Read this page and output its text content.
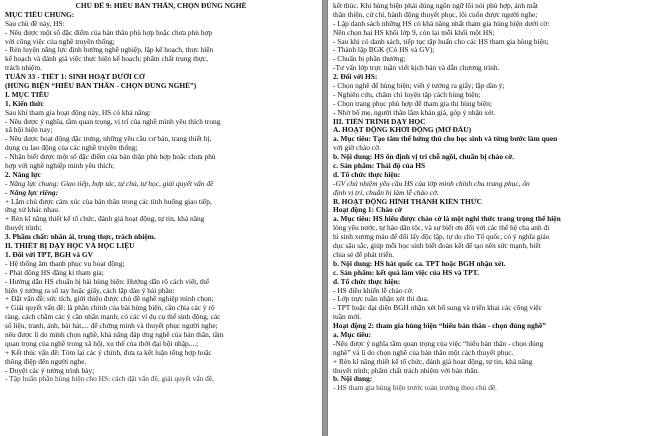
CHỦ ĐỀ 9: HIỂU BẢN THÂN, CHỌN ĐÚNG NGHỀ
MỤC TIÊU CHUNG:
Sau chủ đề này, HS:
- Nêu được một số đặc điểm của bản thân phù hợp hoặc chưa phù hợp
với công việc của nghề truyền thống;
- Rèn luyện năng lực định hướng nghề nghiệp, lập kế hoạch, thực hiện
kế hoạch và đánh giá việc thực hiện kế hoạch; phẩm chất trung thực,
trách nhiệm.
TUẦN 33 - TIẾT 1: SINH HOẠT DƯỚI CỜ
(HÙNG BIỆN “HIỂU BẢN THÂN - CHỌN ĐÚNG NGHỀ”)
I. MỤC TIÊU
1. Kiến thức
Sau khi tham gia hoạt động này, HS có khả năng:
- Nêu được ý nghĩa, tầm quan trọng, vị trí của nghề mình yêu thích trong
xã hội hiện nay;
- Nêu được hoạt động đặc trưng, những yêu cầu cơ bản, trang thiết bị,
dụng cụ lao động của các nghề truyền thống;
- Nhận biết được một số đặc điểm của bản thân phù hợp hoặc chưa phù
hợp với nghề nghiệp mình yêu thích;
2. Năng lực
- Năng lực chung: Giao tiếp, hợp tác, tự chủ, tự học, giải quyết vấn đề
- Năng lực riêng:
+ Lắm chủ được cảm xúc của bản thân trong các tình huống giao tiếp,
ứng xử khác nhau.
+ Rèn kĩ năng thiết kế tổ chức, đánh giá hoạt động, tự tin, khả năng
thuyết trình;
3. Phẩm chất: nhân ái, trung thực, trách nhiệm.
II. THIẾT BỊ DẠY HỌC VÀ HỌC LIỆU
1. Đối với TPT, BGH và GV
- Hệ thống âm thanh phục vụ hoạt động;
- Phát động HS đăng kí tham gia;
- Hướng dẫn HS chuẩn bị bài hùng biện: Hướng dẫn rõ cách viết, thể
hiện ý tưởng ra sổ tay hoặc giấy, cách lập dàn ý bài phần:
+ Đặt vấn đề: sức tích, giới thiệu được chủ đề nghề nghiệp mình chọn;
+ Giải quyết vấn đề: là phần chính của bài hùng biện, cần chia các ý rõ
ràng, cách chăm các ý cần nhấn mạnh; có các ví dụ cụ thể sinh động, các
số liệu, tranh, ảnh, bài hát,... để chứng minh và thuyết phục người nghe;
nêu được lí do mình chọn nghề, khả năng đáp ứng nghề của bản thân, tầm
quan trọng của nghề trong xã hội, xu thế của thời đại hội nhập,...;
+ Kết thúc vấn đề: Tóm lại các ý chính, đưa ra kết luận tổng hợp hoặc
thông điệp đến người nghe.
- Duyệt các ý tưởng trình bày;
- Tập huấn phần hùng biện cho HS: cách đặt vấn đề, giải quyết vấn đề,
kết thúc. Khi hùng biện phải dùng ngôn ngữ lôi nói phù hợp, ánh mắt
thân thiện, cử chỉ, hành động thuyết phục, lôi cuốn được người nghe;
- Lập danh sách những HS có khả năng nhất tham gia hùng biện dưới cờ:
Nên chọn hai HS khối lớp 9, còn lại mỗi khối một HS;
- Sau khi có danh sách, tiếp tục tập huấn cho các HS tham gia hùng biện;
- Thành lập BGK (Có HS và GV);
- Chuẩn bị phần thưởng;
-Tư vấn lớp trực tuần viết kịch bản và dẫn chương trình.
2. Đối với HS:
- Chọn nghề để hùng biện; viết ý tưởng ra giấy; lập dàn ý;
- Nghiên cứu, chăm chỉ luyện tập cách hùng biện;
- Chọn trang phục phù hợp để tham gia thi hùng biện;
- Nhờ bố mẹ, người thân lắm khán giả, góp ý nhận xét.
III. TIẾN TRÌNH DẠY HỌC
A. HOẠT ĐỘNG KHỞI ĐỘNG (MỞ ĐẦU)
a. Mục tiêu: Tạo tâm thế hứng thú cho học sinh và từng bước làm quen
với giờ chào cờ.
b. Nội dung: HS ổn định vị trí chỗ ngồi, chuẩn bị chào cờ.
c. Sản phẩm: Thái độ của HS
d. Tổ chức thực hiện:
-GV chủ nhiệm yêu cầu HS của lớp mình chỉnh chu trang phục, ổn
định vị trí, chuẩn bị làm lễ chào cờ.
B. HOẠT ĐỘNG HÌNH THÀNH KIẾN THỨC
Hoạt động 1: Chào cờ
a. Mục tiêu: HS hiểu được chào cờ là một nghi thức trang trọng thể hiện
lòng yêu nước, tự hào dân tộc, và sự biết ơn đối với các thế hệ cha anh đi
hi sinh xương máu để đổi lấy độc lập, tự do cho Tổ quốc, có ý nghĩa giáo
dục sâu sắc, giúp mỗi học sinh biết đoàn kết để tạo nên sức mạnh, biết
chia sẻ để phát triển.
b. Nội dung: HS hát quốc ca. TPT hoặc BGH nhận xét.
c. Sản phẩm: kết quả làm việc của HS và TPT.
d. Tổ chức thực hiện:
- HS điều khiển lễ chào cờ.
- Lớp trực tuần nhận xét thi đua.
- TPT hoặc đại diện BGH nhận xét bổ sung và triển khai các công việc
tuần mới.
Hoạt động 2: tham gia hùng biện “hiểu bản thân - chọn đúng nghề”
a. Mục tiêu:
-Nêu được ý nghĩa tầm quan trọng của việc “hiểu bản thân - chọn đúng
nghề” và lí do chọn nghề của bản thân một cách thuyết phục.
+ Rèn kĩ năng thiết kế tổ chức, đánh giá hoạt động, tự tin, khả năng
thuyết trình; phẩm chất trách nhiệm với bản thân.
b. Nội dung:
- HS tham gia hùng biện trước toàn trường theo chủ đề.
